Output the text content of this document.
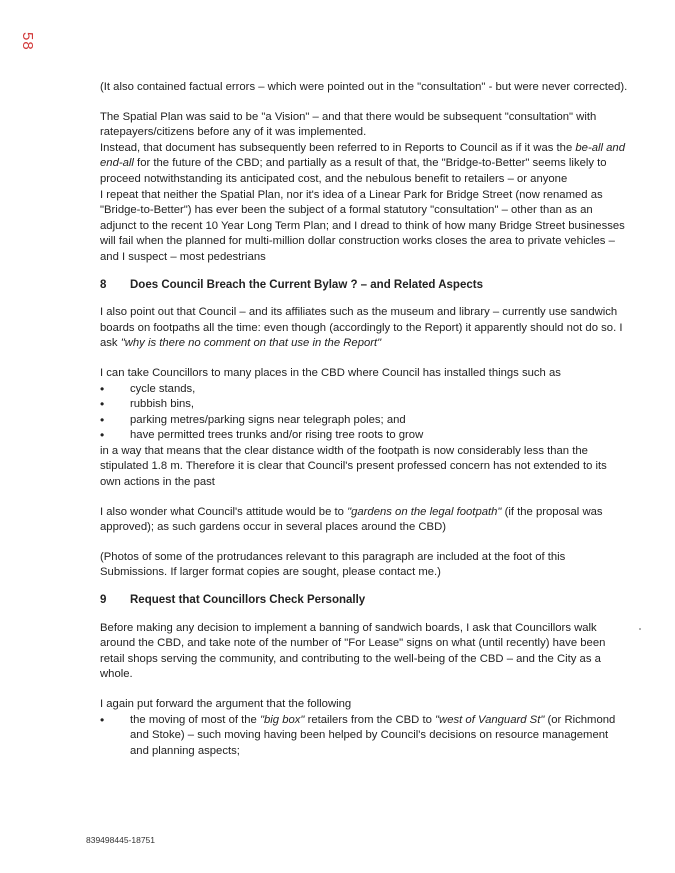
58

(It also contained factual errors – which were pointed out in the "consultation" - but were never corrected).

The Spatial Plan was said to be "a Vision" – and that there would be subsequent "consultation" with ratepayers/citizens before any of it was implemented.

Instead, that document has subsequently been referred to in Reports to Council as if it was the be-all and end-all for the future of the CBD; and partially as a result of that, the "Bridge-to-Better" seems likely to proceed notwithstanding its anticipated cost, and the nebulous benefit to retailers – or anyone

I repeat that neither the Spatial Plan, nor it's idea of a Linear Park for Bridge Street (now renamed as "Bridge-to-Better") has ever been the subject of a formal statutory "consultation" – other than as an adjunct to the recent 10 Year Long Term Plan; and I dread to think of how many Bridge Street businesses will fail when the planned for multi-million dollar construction works closes the area to private vehicles – and I suspect – most pedestrians

8	Does Council Breach the Current Bylaw ? – and Related Aspects

I also point out that Council – and its affiliates such as the museum and library – currently use sandwich boards on footpaths all the time: even though (accordingly to the Report) it apparently should not do so. I ask "why is there no comment on that use in the Report"

I can take Councillors to many places in the CBD where Council has installed things such as

• cycle stands,
• rubbish bins,
• parking metres/parking signs near telegraph poles; and
• have permitted trees trunks and/or rising tree roots to grow

in a way that means that the clear distance width of the footpath is now considerably less than the stipulated 1.8 m. Therefore it is clear that Council's present professed concern has not extended to its own actions in the past

I also wonder what Council's attitude would be to "gardens on the legal footpath" (if the proposal was approved); as such gardens occur in several places around the CBD)

(Photos of some of the protrudances relevant to this paragraph are included at the foot of this Submissions. If larger format copies are sought, please contact me.)

9	Request that Councillors Check Personally

Before making any decision to implement a banning of sandwich boards, I ask that Councillors walk around the CBD, and take note of the number of "For Lease" signs on what (until recently) have been retail shops serving the community, and contributing to the well-being of the CBD – and the City as a whole.

I again put forward the argument that the following

• the moving of most of the "big box" retailers from the CBD to "west of Vanguard St" (or Richmond and Stoke) – such moving having been helped by Council's decisions on resource management and planning aspects;
839498445-18751
